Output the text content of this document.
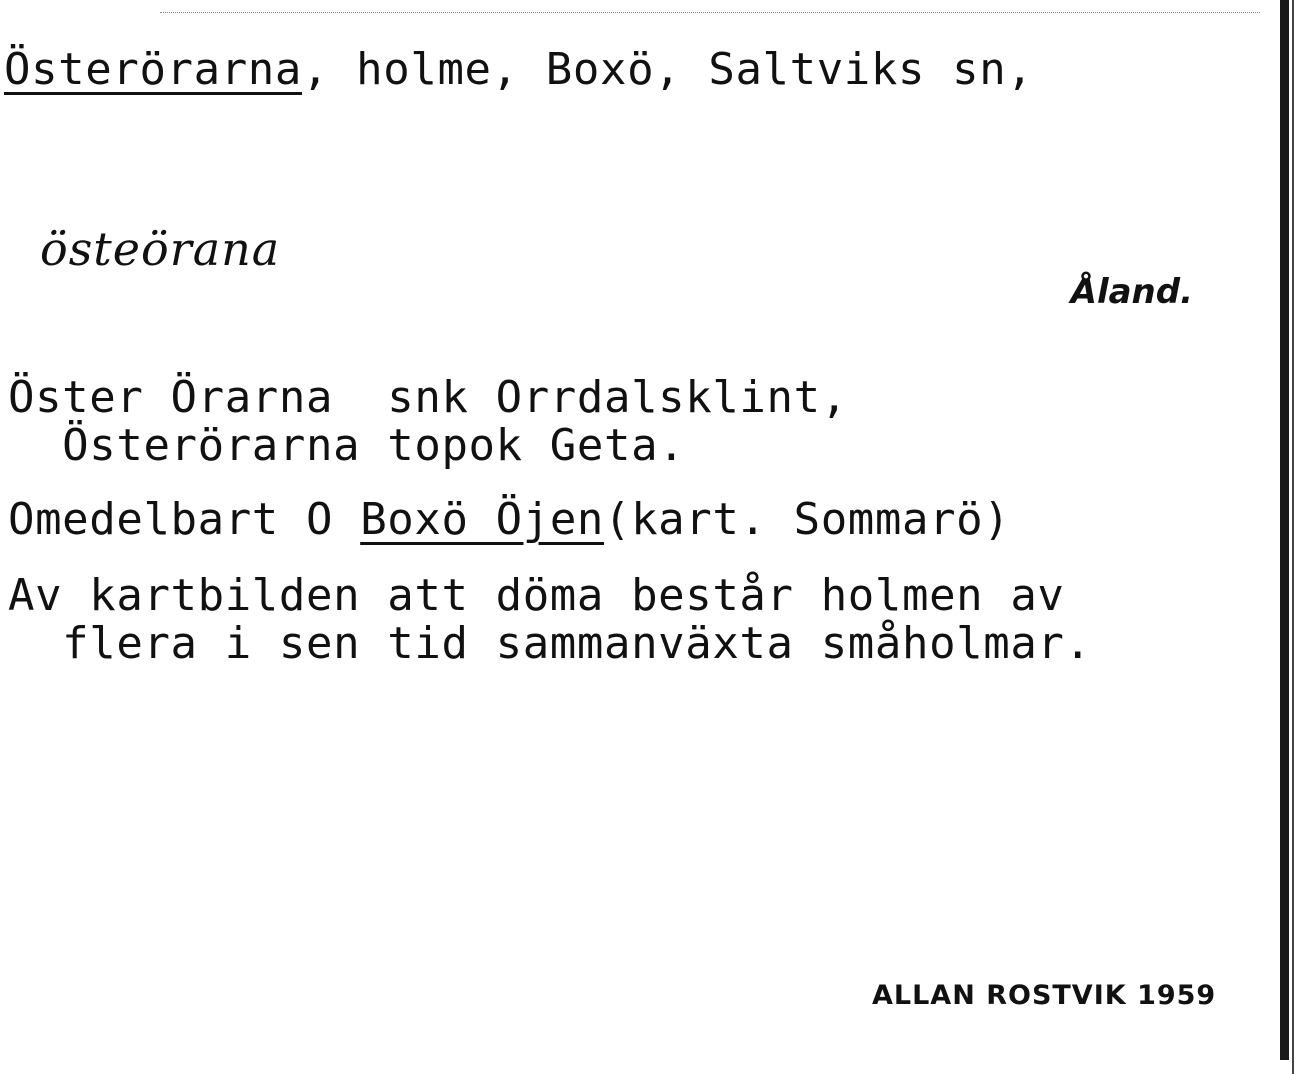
Österörarna, holme, Boxö, Saltviks sn,
östeörana
Åland.
Öster Örarna  snk Orrdalsklint,
Österörarna topok Geta.
Omedelbart O Boxö Öjen(kart. Sommarö)
Av kartbilden att döma består holmen av
flera i sen tid sammanväxta småholmar.
ALLAN ROSTVIK 1959
